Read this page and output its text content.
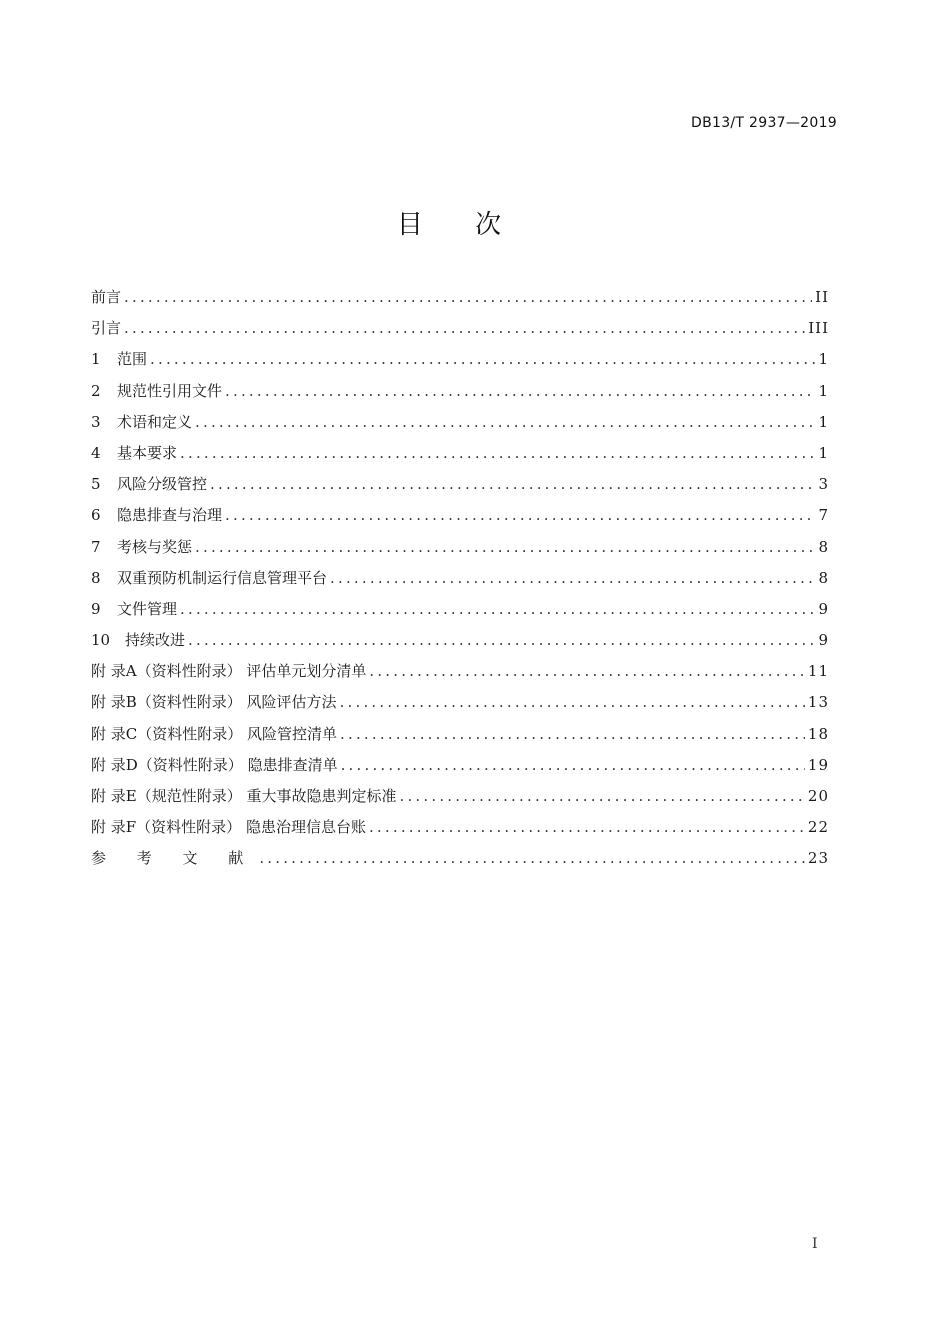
DB13/T 2937—2019
目 次
前言 .....	II
引言 .....	III
1	范围 .....	1
2	规范性引用文件 .....	1
3	术语和定义 .....	1
4	基本要求 .....	1
5	风险分级管控 .....	3
6	隐患排查与治理 .....	7
7	考核与奖惩 .....	8
8	双重预防机制运行信息管理平台 .....	8
9	文件管理 .....	9
10 持续改进 .....	9
附 录A（资料性附录） 评估单元划分清单 .....	11
附 录B（资料性附录） 风险评估方法 .....	13
附 录C（资料性附录） 风险管控清单 .....	18
附 录D（资料性附录） 隐患排查清单 .....	19
附 录E（规范性附录） 重大事故隐患判定标准 .....	20
附 录F（资料性附录） 隐患治理信息台账 .....	22
参 考 文 献 .....	23
I
